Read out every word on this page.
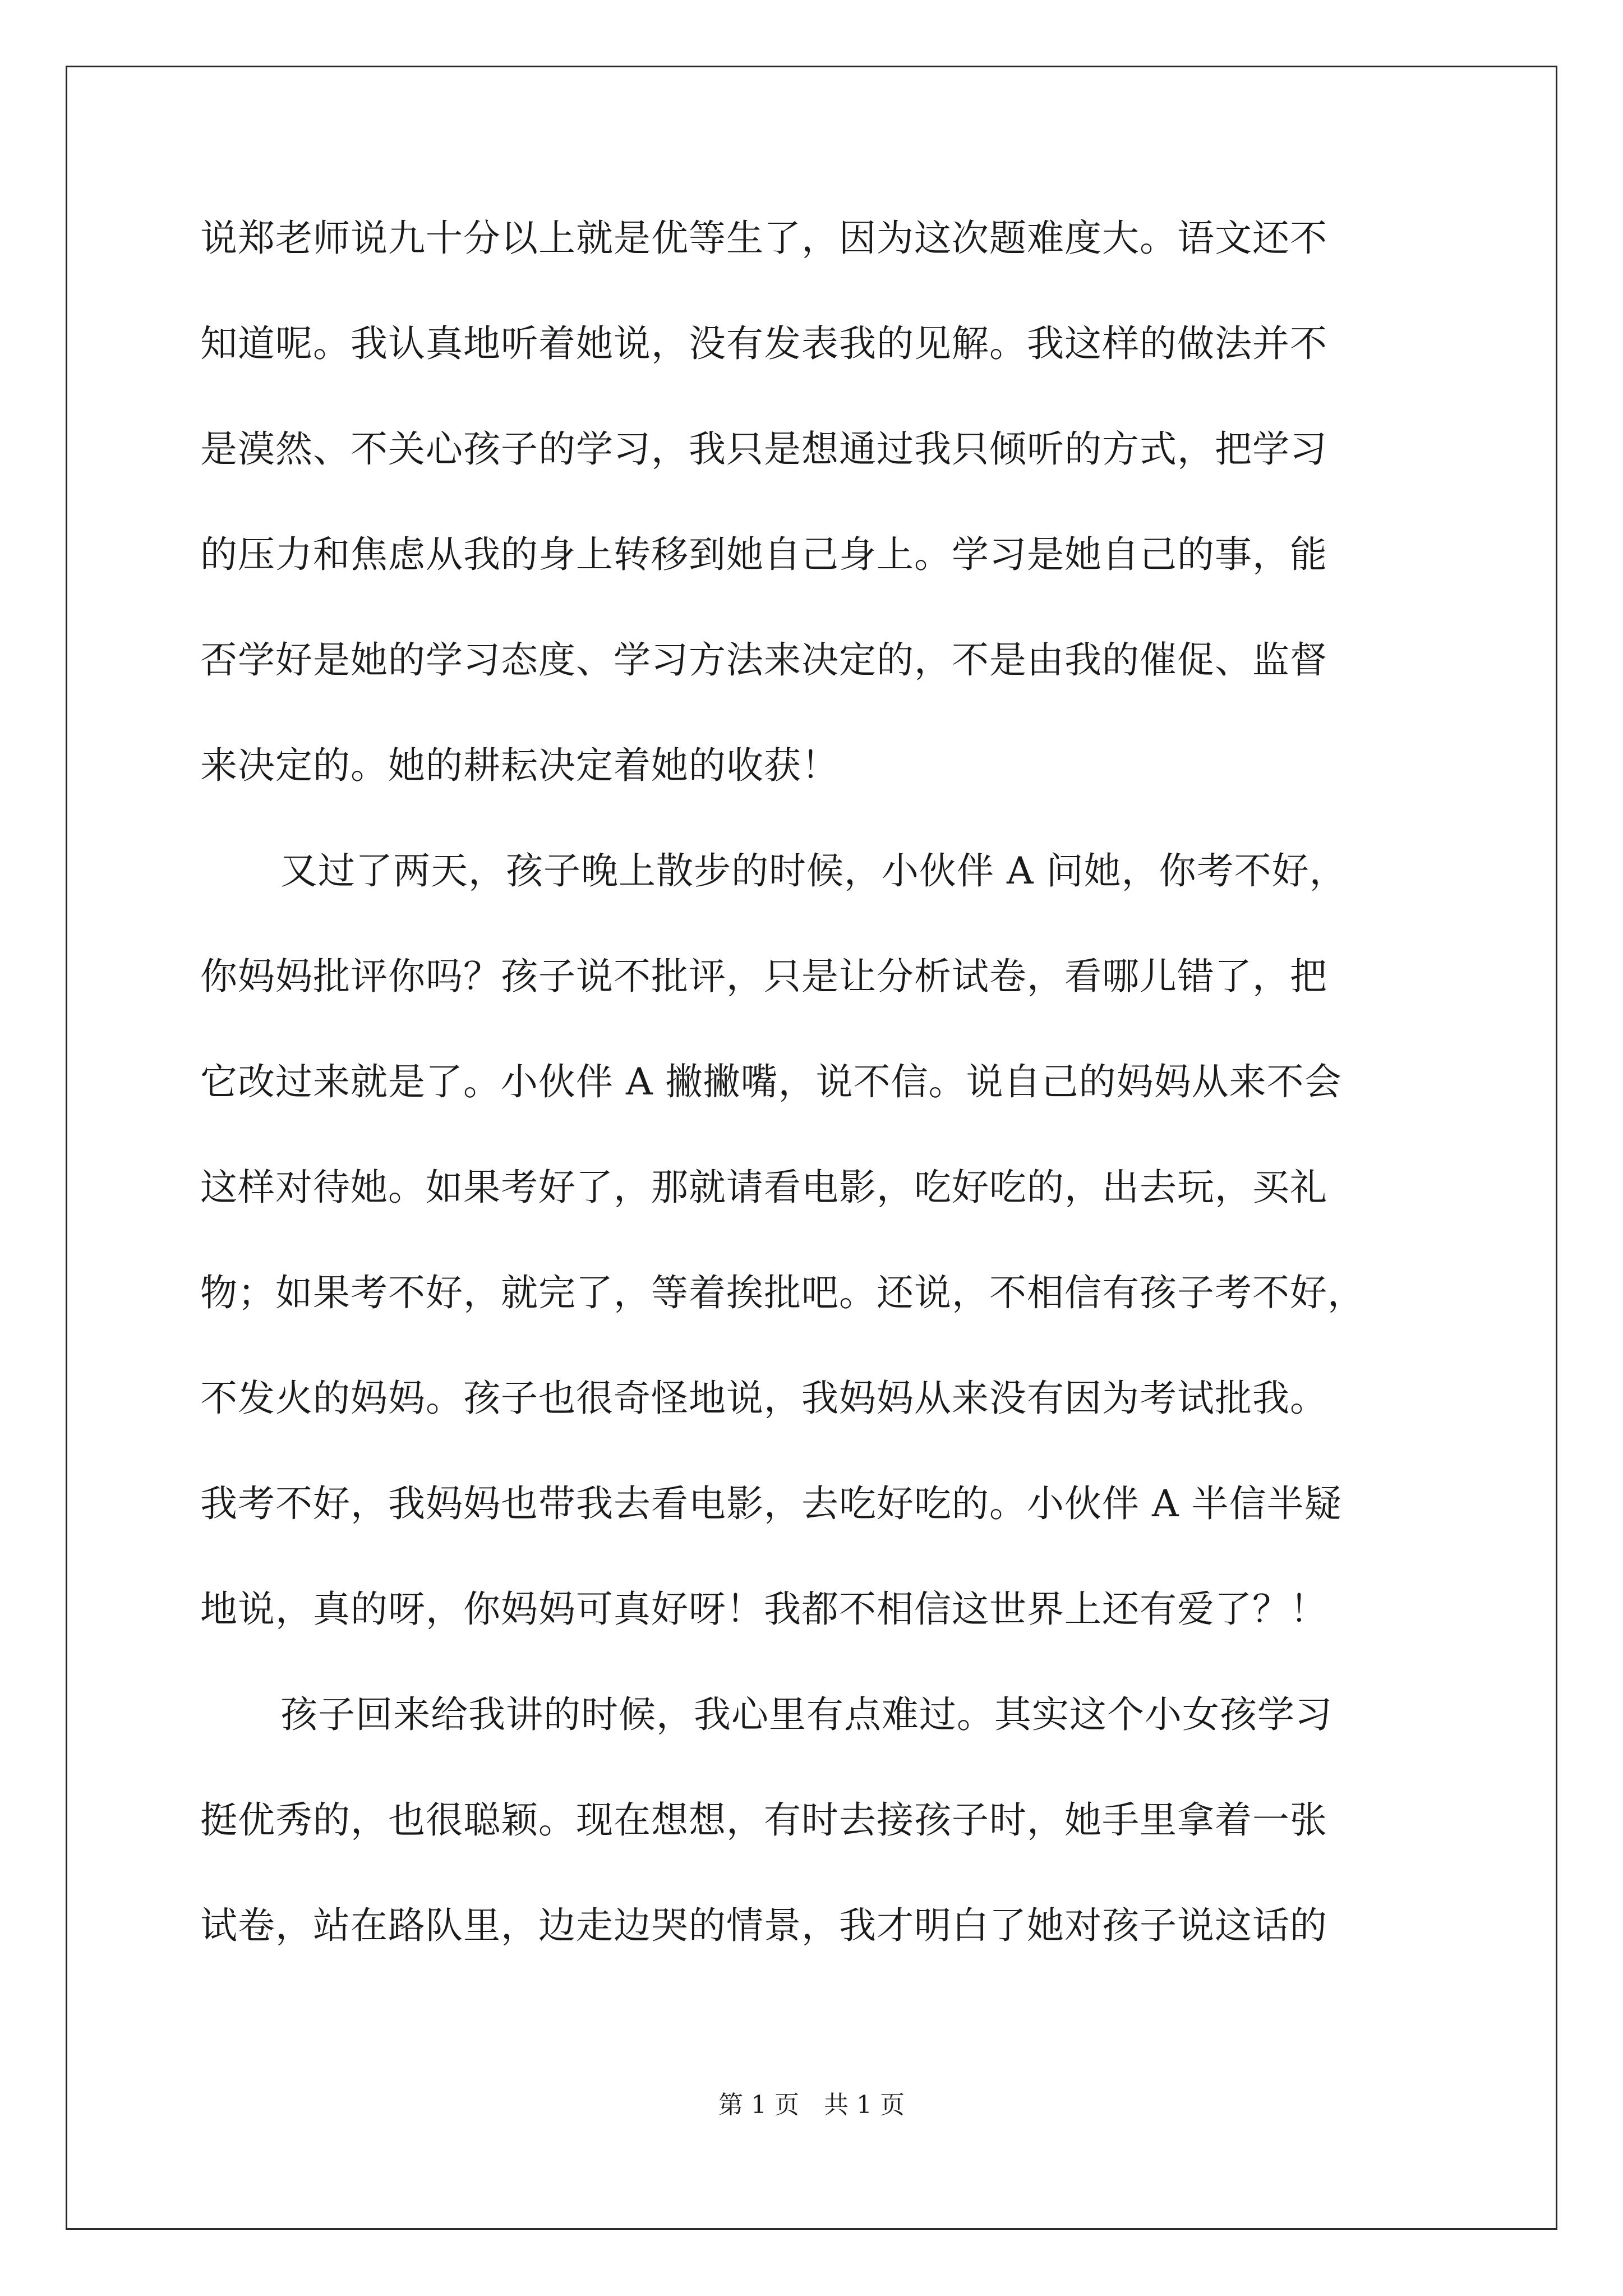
说郑老师说九十分以上就是优等生了，因为这次题难度大。语文还不
知道呢。我认真地听着她说，没有发表我的见解。我这样的做法并不
是漠然、不关心孩子的学习，我只是想通过我只倾听的方式，把学习
的压力和焦虑从我的身上转移到她自己身上。学习是她自己的事，能
否学好是她的学习态度、学习方法来决定的，不是由我的催促、监督
来决定的。她的耕耘决定着她的收获！
又过了两天，孩子晚上散步的时候，小伙伴 A 问她，你考不好，
你妈妈批评你吗？孩子说不批评，只是让分析试卷，看哪儿错了，把
它改过来就是了。小伙伴 A 撇撇嘴，说不信。说自己的妈妈从来不会
这样对待她。如果考好了，那就请看电影，吃好吃的，出去玩，买礼
物；如果考不好，就完了，等着挨批吧。还说，不相信有孩子考不好，
不发火的妈妈。孩子也很奇怪地说，我妈妈从来没有因为考试批我。
我考不好，我妈妈也带我去看电影，去吃好吃的。小伙伴 A 半信半疑
地说，真的呀，你妈妈可真好呀！我都不相信这世界上还有爱了？！
孩子回来给我讲的时候，我心里有点难过。其实这个小女孩学习
挺优秀的，也很聪颖。现在想想，有时去接孩子时，她手里拿着一张
试卷，站在路队里，边走边哭的情景，我才明白了她对孩子说这话的
第 1 页　共 1 页
